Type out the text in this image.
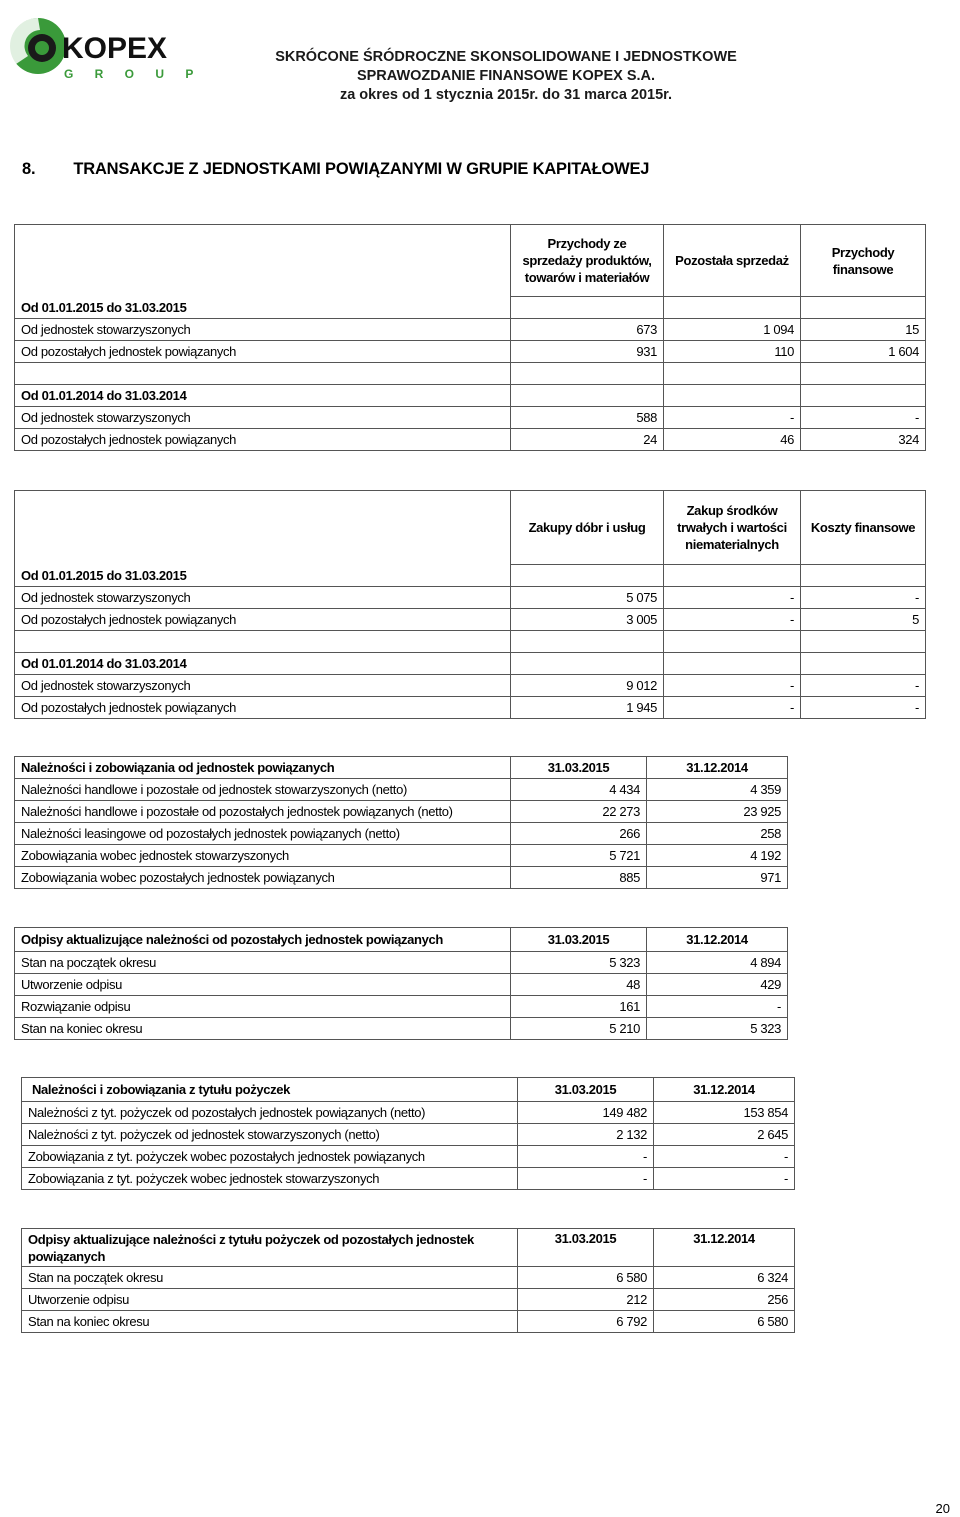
KOPEX
G R O U P
SKRÓCONE ŚRÓDROCZNE SKONSOLIDOWANE I JEDNOSTKOWE
SPRAWOZDANIE FINANSOWE KOPEX S.A.
za okres od 1 stycznia 2015r. do 31 marca 2015r.
8. TRANSAKCJE Z JEDNOSTKAMI POWIĄZANYMI W GRUPIE KAPITAŁOWEJ
	Przychody ze sprzedaży produktów, towarów i materiałów	Pozostała sprzedaż	Przychody finansowe
Od 01.01.2015 do 31.03.2015			
Od jednostek stowarzyszonych	673	1 094	15
Od pozostałych jednostek powiązanych	931	110	1 604

Od 01.01.2014 do 31.03.2014			
Od jednostek stowarzyszonych	588	-	-
Od pozostałych jednostek powiązanych	24	46	324
	Zakupy dóbr i usług	Zakup środków trwałych i wartości niematerialnych	Koszty finansowe
Od 01.01.2015 do 31.03.2015			
Od jednostek stowarzyszonych	5 075	-	-
Od pozostałych jednostek powiązanych	3 005	-	5

Od 01.01.2014 do 31.03.2014			
Od jednostek stowarzyszonych	9 012	-	-
Od pozostałych jednostek powiązanych	1 945	-	-
Należności i zobowiązania od jednostek powiązanych	31.03.2015	31.12.2014
Należności handlowe i pozostałe od jednostek stowarzyszonych (netto)	4 434	4 359
Należności handlowe i pozostałe od pozostałych jednostek powiązanych (netto)	22 273	23 925
Należności leasingowe od pozostałych jednostek powiązanych (netto)	266	258
Zobowiązania wobec jednostek stowarzyszonych	5 721	4 192
Zobowiązania wobec pozostałych jednostek powiązanych	885	971
Odpisy aktualizujące należności od pozostałych jednostek powiązanych	31.03.2015	31.12.2014
Stan na początek okresu	5 323	4 894
Utworzenie odpisu	48	429
Rozwiązanie odpisu	161	-
Stan na koniec okresu	5 210	5 323
Należności i zobowiązania z tytułu pożyczek	31.03.2015	31.12.2014
Należności z tyt. pożyczek od pozostałych jednostek powiązanych (netto)	149 482	153 854
Należności z tyt. pożyczek od jednostek stowarzyszonych (netto)	2 132	2 645
Zobowiązania z tyt. pożyczek wobec pozostałych jednostek powiązanych	-	-
Zobowiązania z tyt. pożyczek wobec jednostek stowarzyszonych	-	-
Odpisy aktualizujące należności z tytułu pożyczek od pozostałych jednostek powiązanych	31.03.2015	31.12.2014
Stan na początek okresu	6 580	6 324
Utworzenie odpisu	212	256
Stan na koniec okresu	6 792	6 580
20
